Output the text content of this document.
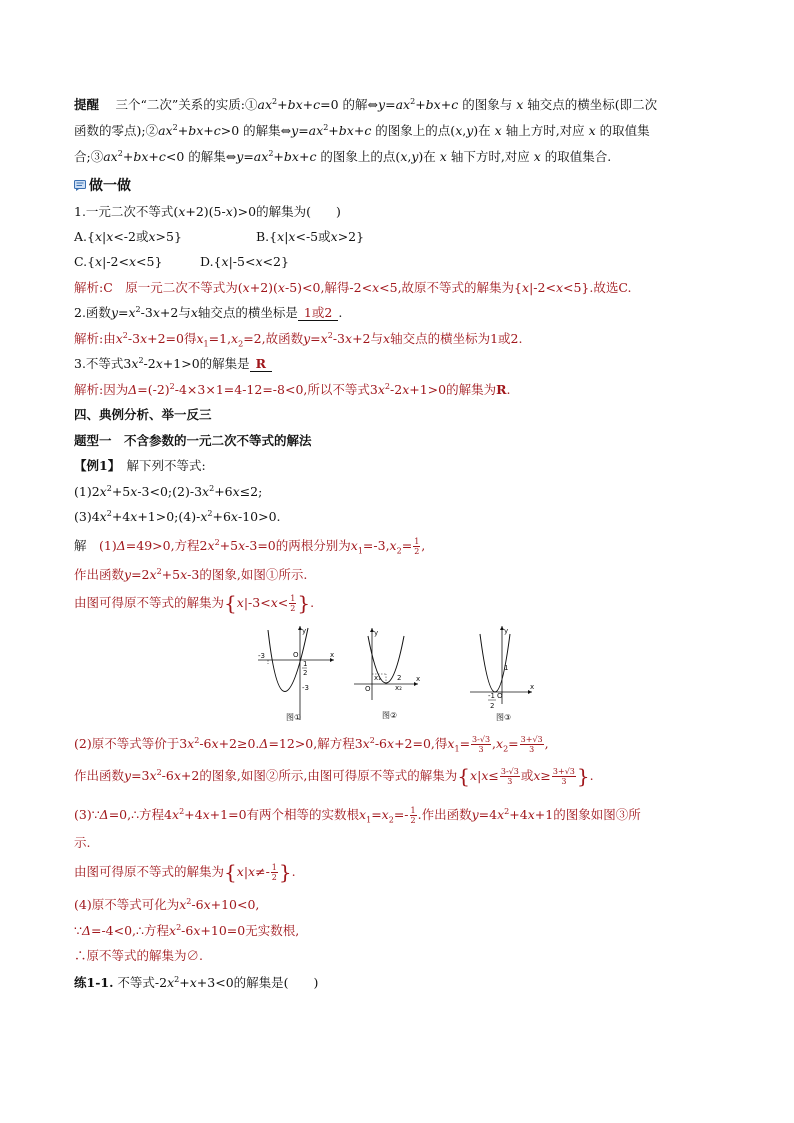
提醒 　三个“二次”关系的实质$:①ax^2+bx+c=0$ 的解$\Leftrightarrow y=ax^2+bx+c$ 的图象与 x 轴交点的横坐标(即二次
函数的零点)$;②ax^2+bx+c>0$ 的解集$\Leftrightarrow y=ax^2+bx+c$ 的图象上的点(x,y)在 x 轴上方时,对应 x 的取值集
合$;③ax^2+bx+c<0$ 的解集$\Leftrightarrow y=ax^2+bx+c$ 的图象上的点(x,y)在 x 轴下方时,对应 x 的取值集合.
做一做
1.一元二次不等式(x+2)(5-x)>0的解集为(　　)
A.{x|x<-2或x>5}	B.{x|x<-5或x>2}
C.{x|-2<x<5}	D.{x|-5<x<2}
解析:C　原一元二次不等式为(x+2)(x-5)<0,解得-2<x<5,故原不等式的解集为{x|-2<x<5}.故选C.
2.函数$y=x^2-3x+2$与x轴交点的横坐标是 1或2 .
解析:由$x^2-3x+2=0$得$x_1=1,x_2=2$,故函数$y=x^2-3x+2$与x轴交点的横坐标为1或2.
3.不等式$3x^2-2x+1>0$的解集是 R
解析:因为$\Delta=(-2)^2-4\times 3\times 1=4-12=-8<0$,所以不等式$3x^2-2x+1>0$的解集为R.
四、典例分析、举一反三
题型一　不含参数的一元二次不等式的解法
【例1】　 解下列不等式:
$(1)2x^2+5x-3<0;(2)-3x^2+6x\le 2$;
$(3)4x^2+4x+1>0;(4)-x^2+6x-10>0$.
解　(1)Δ=49>0,方程$2x^2+5x-3=0$的两根分别为$x_1=-3,x_2= \frac{1}{2}$ ,
作出函数$y=2x^2+5x-3$的图象,如图①所示.
由图可得原不等式的解集为{$x|-3<x< \frac{1}{2}$ }.
y
O	x
-3
1
2
-3
图①
y
O
x₁
x₂
2 x
图②
y
1
-1 O
2
x
图③
(2)原不等式等价于$3x^2-6x+2\ge 0.\Delta=12>0$,解方程$3x^2-6x+2=0$,得$x_1= \frac{3-√3}{3} ,x_2= \frac{3+√3}{3}$ ,
作出函数$y=3x^2-6x+2$的图象,如图②所示,由图可得原不等式的解集为{$x|x\le \frac{3-√3}{3}$ 或$x\ge \frac{3+√3}{3}$ }.
(3)∵Δ=0,∴方程$4x^2+4x+1=0$有两个相等的实数根$x_1=x_2=- \frac{1}{2}$ .作出函数$y=4x^2+4x+1$的图象如图③所
示.
由图可得原不等式的解集为{$x|x\ne- \frac{1}{2}$ }.
(4)原不等式可化为$x^2-6x+10<0$,
∵Δ=-4<0,∴方程$x^2-6x+10=0$无实数根,
∴原不等式的解集为∅.
练1-1. 不等式$-2x^2+x+3<0$的解集是(　　)
